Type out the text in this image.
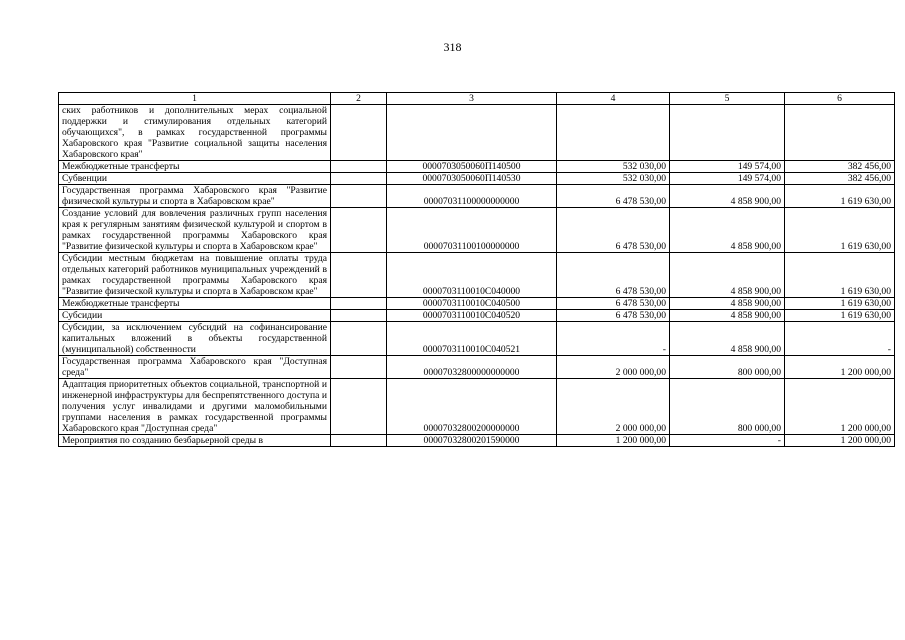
318
1	2	3	4	5	6
ских работников и дополнительных мерах социальной поддержки и стимулирования отдельных категорий обучающихся", в рамках государственной программы Хабаровского края "Развитие социальной защиты населения Хабаровского края"					
Межбюджетные трансферты		0000703050060П140500	532 030,00	149 574,00	382 456,00
Субвенции		0000703050060П140530	532 030,00	149 574,00	382 456,00
Государственная программа Хабаровского края "Развитие физической культуры и спорта в Хабаровском крае"		00007031100000000000	6 478 530,00	4 858 900,00	1 619 630,00
Создание условий для вовлечения различных групп населения края к регулярным занятиям физической культурой и спортом в рамках государственной программы Хабаровского края "Развитие физической культуры и спорта в Хабаровском крае"		00007031100100000000	6 478 530,00	4 858 900,00	1 619 630,00
Субсидии местным бюджетам на повышение оплаты труда отдельных категорий работников муниципальных учреждений в рамках государственной программы Хабаровского края "Развитие физической культуры и спорта в Хабаровском крае"		0000703110010С040000	6 478 530,00	4 858 900,00	1 619 630,00
Межбюджетные трансферты		0000703110010С040500	6 478 530,00	4 858 900,00	1 619 630,00
Субсидии		0000703110010С040520	6 478 530,00	4 858 900,00	1 619 630,00
Субсидии, за исключением субсидий на софинансирование капитальных вложений в объекты государственной (муниципальной) собственности		0000703110010С040521	-	4 858 900,00	-
Государственная программа Хабаровского края "Доступная среда"		00007032800000000000	2 000 000,00	800 000,00	1 200 000,00
Адаптация приоритетных объектов социальной, транспортной и инженерной инфраструктуры для беспрепятственного доступа и получения услуг инвалидами и другими маломобильными группами населения в рамках государственной программы Хабаровского края "Доступная среда"		00007032800200000000	2 000 000,00	800 000,00	1 200 000,00
Мероприятия по созданию безбарьерной среды в		00007032800201590000	1 200 000,00	-	1 200 000,00
